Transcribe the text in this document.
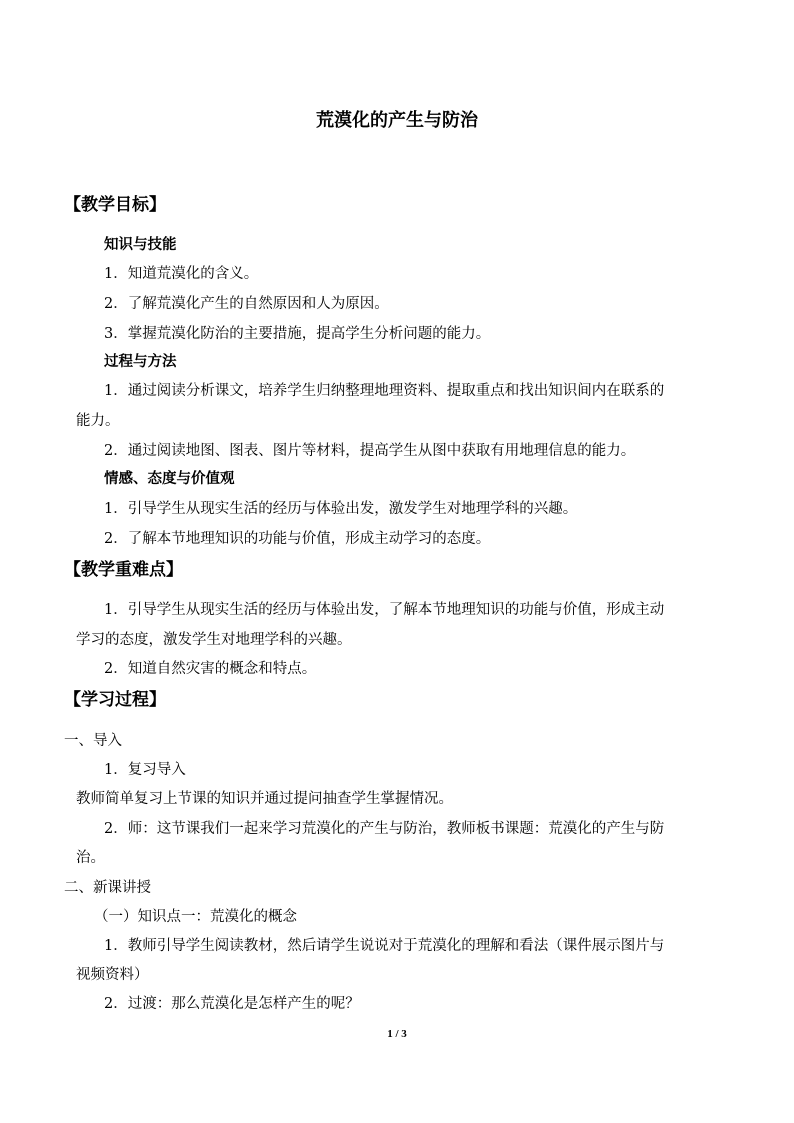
荒漠化的产生与防治
【教学目标】
知识与技能
1．知道荒漠化的含义。
2．了解荒漠化产生的自然原因和人为原因。
3．掌握荒漠化防治的主要措施，提高学生分析问题的能力。
过程与方法
1．通过阅读分析课文，培养学生归纳整理地理资料、提取重点和找出知识间内在联系的
能力。
2．通过阅读地图、图表、图片等材料，提高学生从图中获取有用地理信息的能力。
情感、态度与价值观
1．引导学生从现实生活的经历与体验出发，激发学生对地理学科的兴趣。
2．了解本节地理知识的功能与价值，形成主动学习的态度。
【教学重难点】
1．引导学生从现实生活的经历与体验出发，了解本节地理知识的功能与价值，形成主动
学习的态度，激发学生对地理学科的兴趣。
2．知道自然灾害的概念和特点。
【学习过程】
一、导入
1．复习导入
教师简单复习上节课的知识并通过提问抽查学生掌握情况。
2．师：这节课我们一起来学习荒漠化的产生与防治，教师板书课题：荒漠化的产生与防
治。
二、新课讲授
（一）知识点一：荒漠化的概念
1．教师引导学生阅读教材，然后请学生说说对于荒漠化的理解和看法（课件展示图片与
视频资料）
2．过渡：那么荒漠化是怎样产生的呢？
1 / 3
